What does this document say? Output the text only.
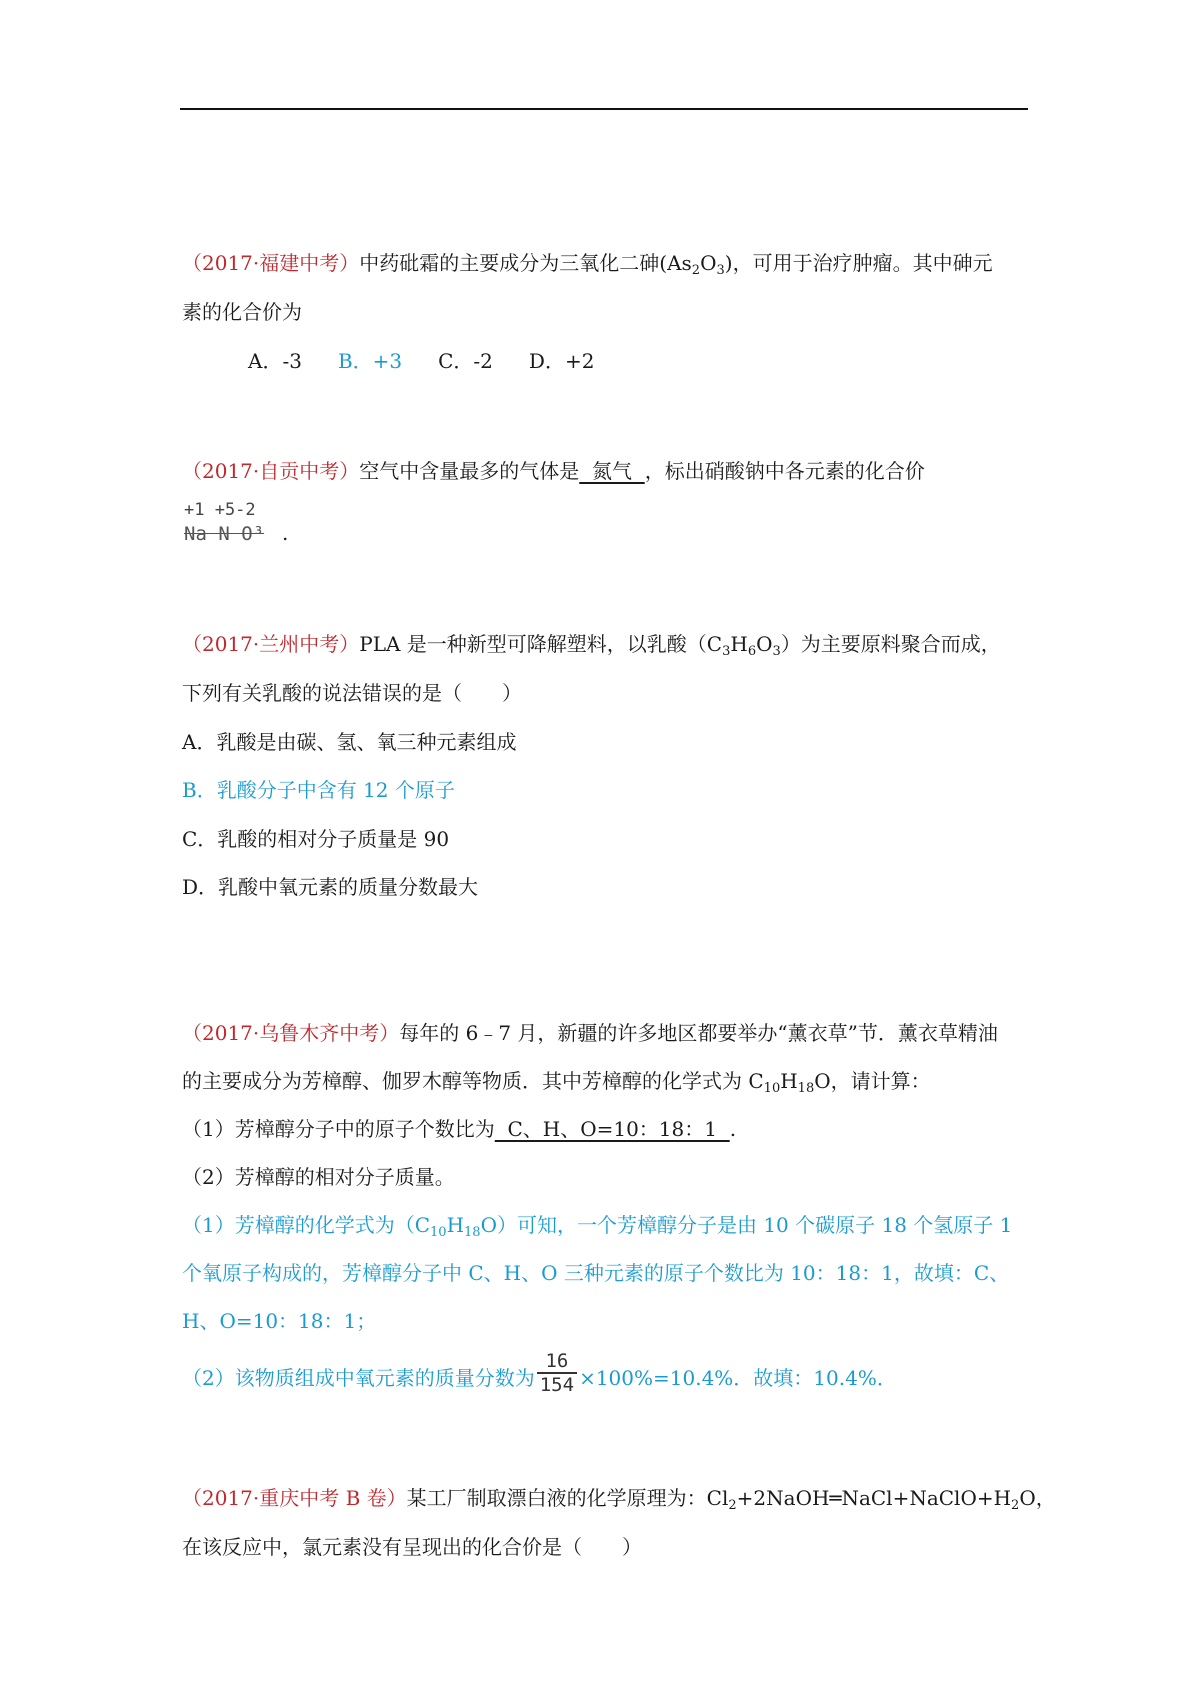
（2017·福建中考）中药砒霜的主要成分为三氧化二砷$(As_2O_3)$，可用于治疗肿瘤。其中砷元
素的化合价为
A．-3 B．+3 C．-2 D．+2
（2017·自贡中考）空气中含量最多的气体是  氮气  ，标出硝酸钠中各元素的化合价
+1 +5-2
Na N O³ .
（2017·兰州中考）PLA 是一种新型可降解塑料，以乳酸$(C_3H_6O_3)$为主要原料聚合而成，
下列有关乳酸的说法错误的是（　　）
A．乳酸是由碳、氢、氧三种元素组成
B．乳酸分子中含有 12 个原子
C．乳酸的相对分子质量是 90
D．乳酸中氧元素的质量分数最大
（2017·乌鲁木齐中考）每年的 6﹣7 月，新疆的许多地区都要举办“薰衣草”节．薰衣草精油
的主要成分为芳樟醇、伽罗木醇等物质．其中芳樟醇的化学式为 $C_{10}H_{18}O$，请计算：
（1）芳樟醇分子中的原子个数比为  C、H、O=10：18：1  .
（2）芳樟醇的相对分子质量。
（1）芳樟醇的化学式为$(C_{10}H_{18}O)$可知，一个芳樟醇分子是由 10 个碳原子 18 个氢原子 1
个氧原子构成的，芳樟醇分子中 C、H、O 三种元素的原子个数比为 10：18：1，故填：C、
H、O=10：18：1；
（2）该物质组成中氧元素的质量分数为 $\frac{16}{154} \times 100\%=10.4\%$．故填：10.4%．
（2017·重庆中考 B 卷）某工厂制取漂白液的化学原理为：$Cl_2+2NaOH═NaCl+NaClO+H_2O$，
在该反应中，氯元素没有呈现出的化合价是（　　）
